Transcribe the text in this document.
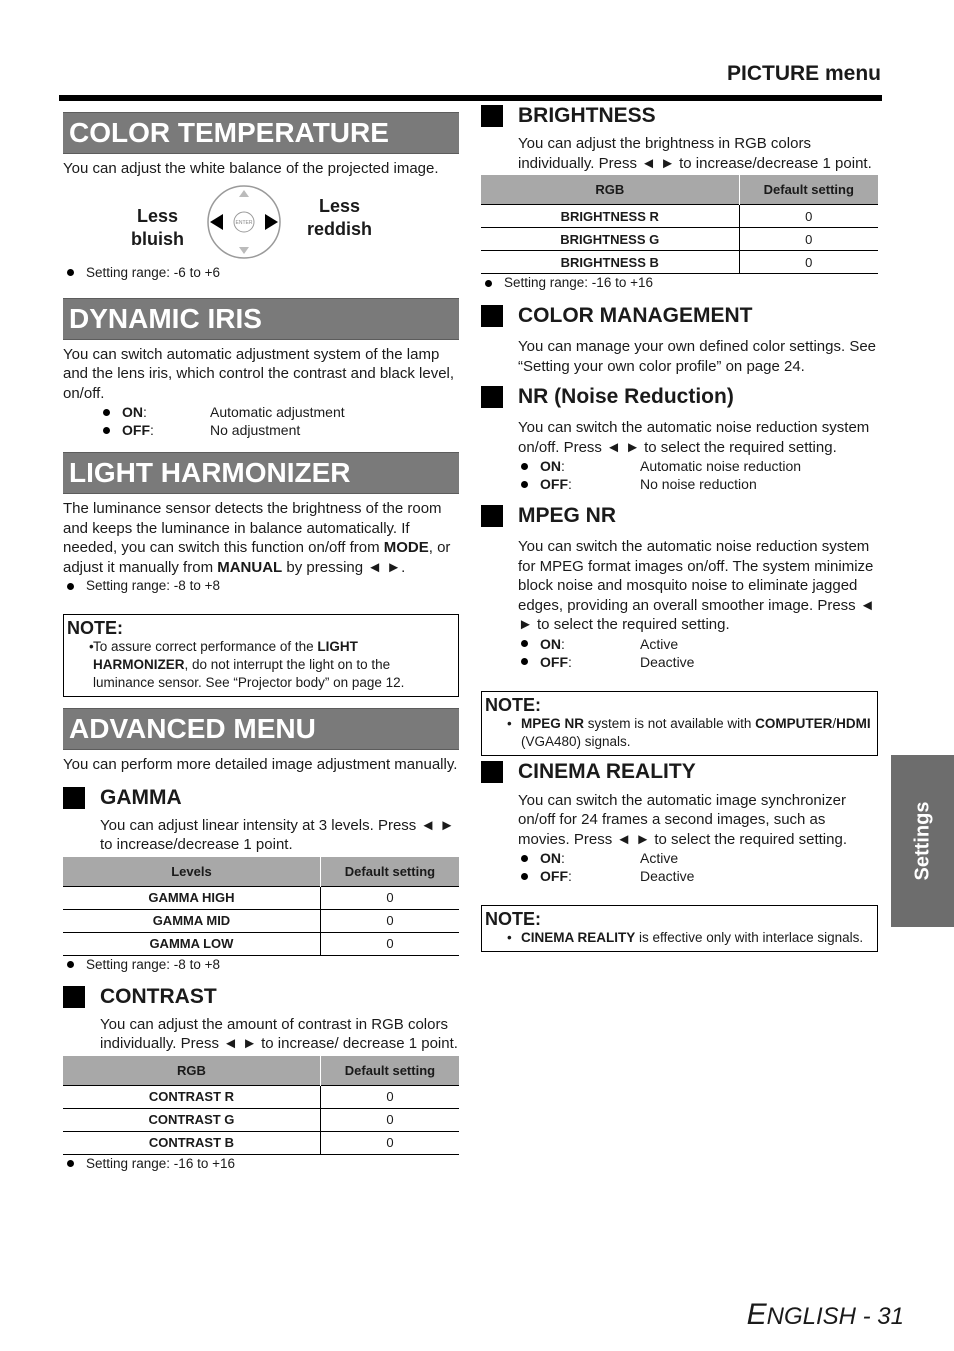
PICTURE menu
COLOR TEMPERATURE

You can adjust the white balance of the projected image.

Less
bluish
ENTER
Less
reddish
Setting range: -6 to +6
DYNAMIC IRIS

You can switch automatic adjustment system of the lamp and the lens iris, which control the contrast and black level, on/off.

ON:	Automatic adjustment
OFF:	No adjustment
LIGHT HARMONIZER

The luminance sensor detects the brightness of the room and keeps the luminance in balance automatically. If needed, you can switch this function on/off from MODE, or adjust it manually from MANUAL by pressing ◄ ►.

Setting range: -8 to +8
NOTE:
• To assure correct performance of the LIGHT HARMONIZER, do not interrupt the light on to the luminance sensor. See “Projector body” on page 12.
ADVANCED MENU

You can perform more detailed image adjustment manually.

GAMMA

You can adjust linear intensity at 3 levels. Press ◄ ► to increase/decrease 1 point.

Levels	Default setting
GAMMA HIGH	0
GAMMA MID	0
GAMMA LOW	0
Setting range: -8 to +8
CONTRAST

You can adjust the amount of contrast in RGB colors individually. Press ◄ ► to increase/ decrease 1 point.

RGB	Default setting
CONTRAST R	0
CONTRAST G	0
CONTRAST B	0
Setting range: -16 to +16
BRIGHTNESS

You can adjust the brightness in RGB colors individually. Press ◄ ► to increase/decrease 1 point.

RGB	Default setting
BRIGHTNESS R	0
BRIGHTNESS G	0
BRIGHTNESS B	0
Setting range: -16 to +16
COLOR MANAGEMENT

You can manage your own defined color settings. See “Setting your own color profile” on page 24.

NR (Noise Reduction)

You can switch the automatic noise reduction system on/off. Press ◄ ► to select the required setting.

ON:	Automatic noise reduction
OFF:	No noise reduction
MPEG NR

You can switch the automatic noise reduction system for MPEG format images on/off. The system minimize block noise and mosquito noise to eliminate jagged edges, providing an overall smoother image. Press ◄ ► to select the required setting.

ON:	Active
OFF:	Deactive
NOTE:
• MPEG NR system is not available with COMPUTER/HDMI (VGA480) signals.
CINEMA REALITY

You can switch the automatic image synchronizer on/off for 24 frames a second images, such as movies. Press ◄ ► to select the required setting.

ON:	Active
OFF:	Deactive
NOTE:
• CINEMA REALITY is effective only with interlace signals.
Settings
ENGLISH - 31
